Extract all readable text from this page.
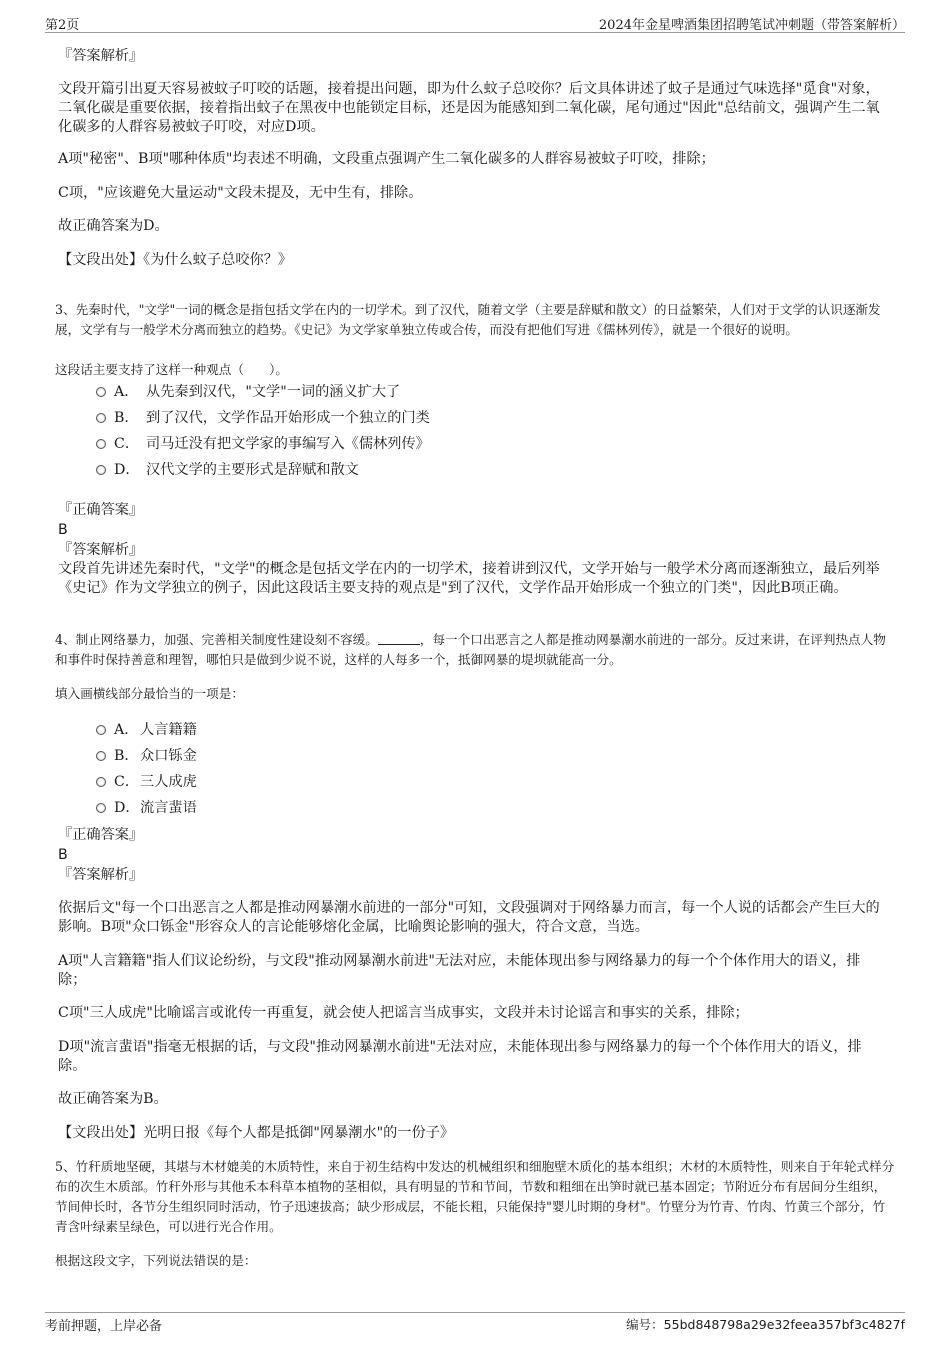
第2页	2024年金星啤酒集团招聘笔试冲刺题（带答案解析）

『答案解析』

文段开篇引出夏天容易被蚊子叮咬的话题，接着提出问题，即为什么蚊子总咬你？后文具体讲述了蚊子是通过气味选择"觅食"对象，二氧化碳是重要依据，接着指出蚊子在黑夜中也能锁定目标，还是因为能感知到二氧化碳，尾句通过"因此"总结前文，强调产生二氧化碳多的人群容易被蚊子叮咬，对应D项。

A项"秘密"、B项"哪种体质"均表述不明确，文段重点强调产生二氧化碳多的人群容易被蚊子叮咬，排除；

C项，"应该避免大量运动"文段未提及，无中生有，排除。

故正确答案为D。

【文段出处】《为什么蚊子总咬你？》

3、先秦时代，"文学"一词的概念是指包括文学在内的一切学术。到了汉代，随着文学（主要是辞赋和散文）的日益繁荣，人们对于文学的认识逐渐发展，文学有与一般学术分离而独立的趋势。《史记》为文学家单独立传或合传，而没有把他们写进《儒林列传》，就是一个很好的说明。

这段话主要支持了这样一种观点（　　）。

A． 从先秦到汉代，"文学"一词的涵义扩大了
B． 到了汉代，文学作品开始形成一个独立的门类
C． 司马迁没有把文学家的事编写入《儒林列传》
D． 汉代文学的主要形式是辞赋和散文

『正确答案』

B

『答案解析』

文段首先讲述先秦时代，"文学"的概念是包括文学在内的一切学术，接着讲到汉代，文学开始与一般学术分离而逐渐独立，最后列举《史记》作为文学独立的例子，因此这段话主要支持的观点是"到了汉代，文学作品开始形成一个独立的门类"，因此B项正确。

4、制止网络暴力，加强、完善相关制度性建设刻不容缓。	，每一个口出恶言之人都是推动网暴潮水前进的一部分。反过来讲，在评判热点人物和事件时保持善意和理智，哪怕只是做到少说不说，这样的人每多一个，抵御网暴的堤坝就能高一分。

填入画横线部分最恰当的一项是：

A． 人言籍籍
B．众口铄金
C．三人成虎
D．流言蜚语

『正确答案』

B

『答案解析』

依据后文"每一个口出恶言之人都是推动网暴潮水前进的一部分"可知，文段强调对于网络暴力而言，每一个人说的话都会产生巨大的影响。B项"众口铄金"形容众人的言论能够熔化金属，比喻舆论影响的强大，符合文意，当选。

A项"人言籍籍"指人们议论纷纷，与文段"推动网暴潮水前进"无法对应，未能体现出参与网络暴力的每一个个体作用大的语义，排除；

C项"三人成虎"比喻谣言或讹传一再重复，就会使人把谣言当成事实，文段并未讨论谣言和事实的关系，排除；

D项"流言蜚语"指毫无根据的话，与文段"推动网暴潮水前进"无法对应，未能体现出参与网络暴力的每一个个体作用大的语义，排除。

故正确答案为B。

【文段出处】光明日报《每个人都是抵御"网暴潮水"的一份子》

5、竹秆质地坚硬，其堪与木材媲美的木质特性，来自于初生结构中发达的机械组织和细胞壁木质化的基本组织；木材的木质特性，则来自于年轮式样分布的次生木质部。竹秆外形与其他禾本科草本植物的茎相似，具有明显的节和节间，节数和粗细在出笋时就已基本固定；节附近分布有居间分生组织，节间伸长时，各节分生组织同时活动，竹子迅速拔高；缺少形成层，不能长粗，只能保持"婴儿时期的身材"。竹壁分为竹青、竹肉、竹黄三个部分，竹青含叶绿素呈绿色，可以进行光合作用。

根据这段文字，下列说法错误的是：

考前押题，上岸必备	编号：55bd848798a29e32feea357bf3c4827f
